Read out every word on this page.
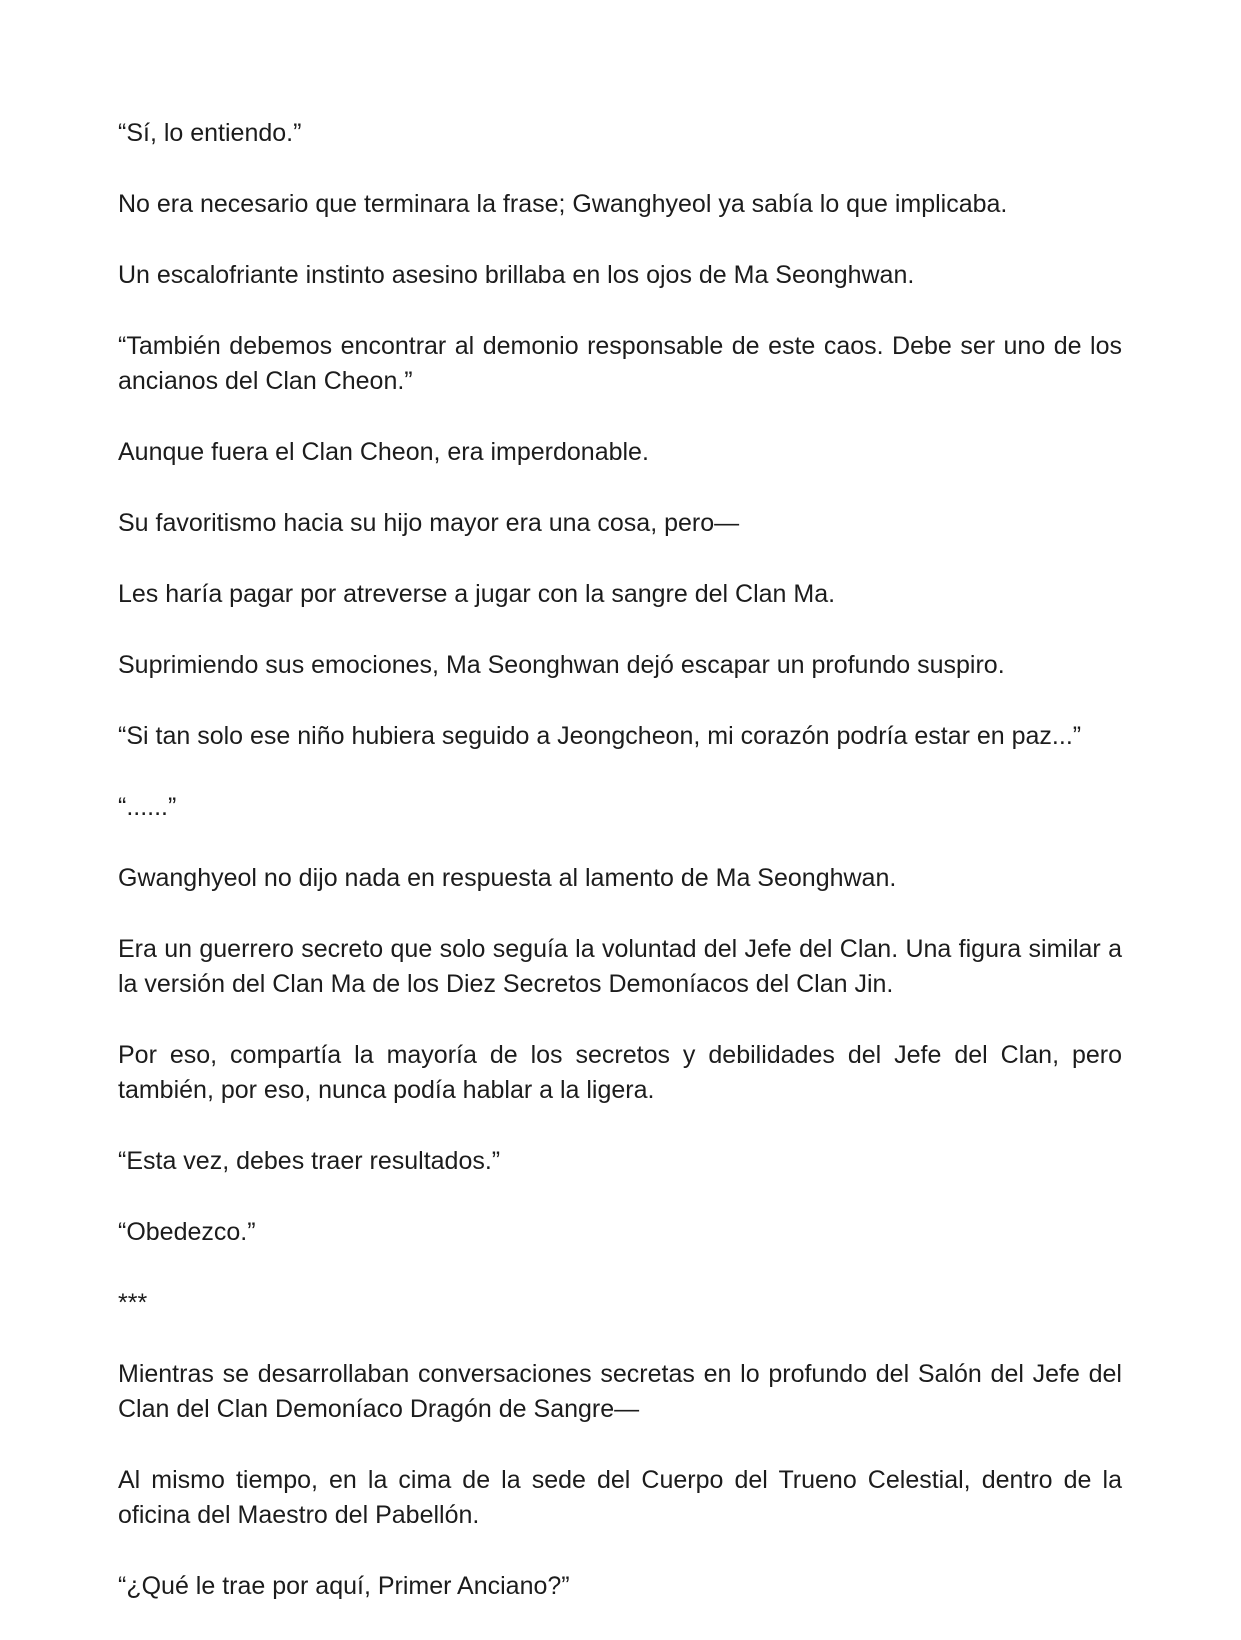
“Sí, lo entiendo.”

No era necesario que terminara la frase; Gwanghyeol ya sabía lo que implicaba.

Un escalofriante instinto asesino brillaba en los ojos de Ma Seonghwan.

“También debemos encontrar al demonio responsable de este caos. Debe ser uno de los ancianos del Clan Cheon.”

Aunque fuera el Clan Cheon, era imperdonable.

Su favoritismo hacia su hijo mayor era una cosa, pero—

Les haría pagar por atreverse a jugar con la sangre del Clan Ma.

Suprimiendo sus emociones, Ma Seonghwan dejó escapar un profundo suspiro.

“Si tan solo ese niño hubiera seguido a Jeongcheon, mi corazón podría estar en paz...”

“......”

Gwanghyeol no dijo nada en respuesta al lamento de Ma Seonghwan.

Era un guerrero secreto que solo seguía la voluntad del Jefe del Clan. Una figura similar a la versión del Clan Ma de los Diez Secretos Demoníacos del Clan Jin.

Por eso, compartía la mayoría de los secretos y debilidades del Jefe del Clan, pero también, por eso, nunca podía hablar a la ligera.

“Esta vez, debes traer resultados.”

“Obedezco.”

***

Mientras se desarrollaban conversaciones secretas en lo profundo del Salón del Jefe del Clan del Clan Demoníaco Dragón de Sangre—

Al mismo tiempo, en la cima de la sede del Cuerpo del Trueno Celestial, dentro de la oficina del Maestro del Pabellón.

“¿Qué le trae por aquí, Primer Anciano?”
